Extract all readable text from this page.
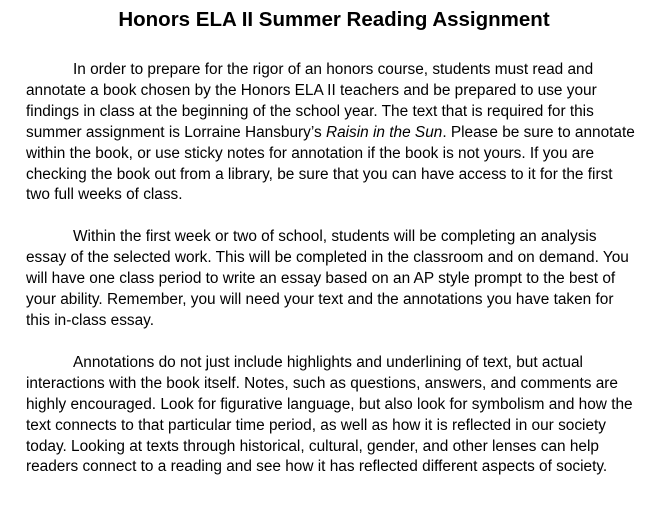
Honors ELA II Summer Reading Assignment

In order to prepare for the rigor of an honors course, students must read and annotate a book chosen by the Honors ELA II teachers and be prepared to use your findings in class at the beginning of the school year. The text that is required for this summer assignment is Lorraine Hansbury’s Raisin in the Sun. Please be sure to annotate within the book, or use sticky notes for annotation if the book is not yours. If you are checking the book out from a library, be sure that you can have access to it for the first two full weeks of class.

Within the first week or two of school, students will be completing an analysis essay of the selected work. This will be completed in the classroom and on demand. You will have one class period to write an essay based on an AP style prompt to the best of your ability. Remember, you will need your text and the annotations you have taken for this in-class essay.

Annotations do not just include highlights and underlining of text, but actual interactions with the book itself. Notes, such as questions, answers, and comments are highly encouraged. Look for figurative language, but also look for symbolism and how the text connects to that particular time period, as well as how it is reflected in our society today. Looking at texts through historical, cultural, gender, and other lenses can help readers connect to a reading and see how it has reflected different aspects of society.
